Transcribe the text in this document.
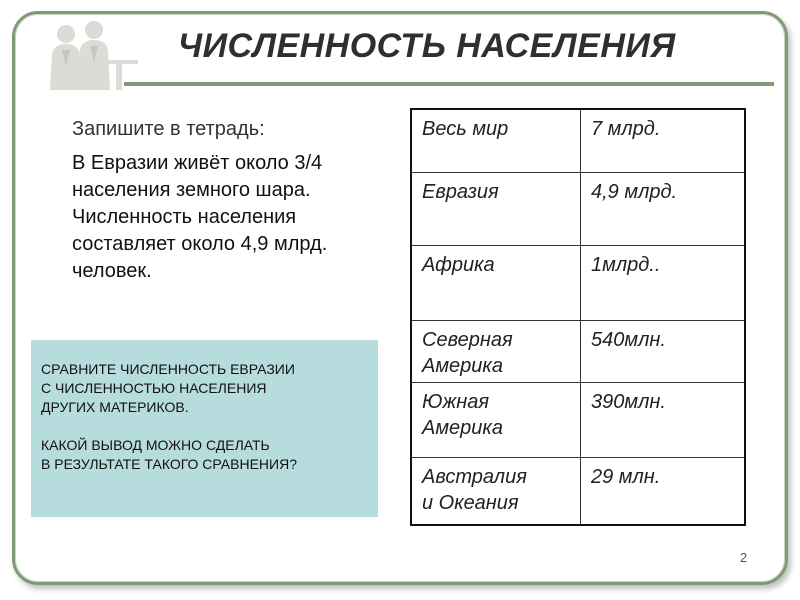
ЧИСЛЕННОСТЬ НАСЕЛЕНИЯ
Запишите в тетрадь:
В Евразии живёт около 3/4 населения земного шара. Численность населения составляет около 4,9 млрд. человек.

СРАВНИТЕ ЧИСЛЕННОСТЬ ЕВРАЗИИ

С ЧИСЛЕННОСТЬЮ НАСЕЛЕНИЯ

ДРУГИХ МАТЕРИКОВ.

КАКОЙ ВЫВОД МОЖНО СДЕЛАТЬ

В РЕЗУЛЬТАТЕ ТАКОГО СРАВНЕНИЯ?

Весь мир	7 млрд.

Евразия	4,9 млрд.

Африка	1млрд..

Северная
Америка	540млн.

Южная
Америка	390млн.

Австралия
и Океания	29 млн.
2
